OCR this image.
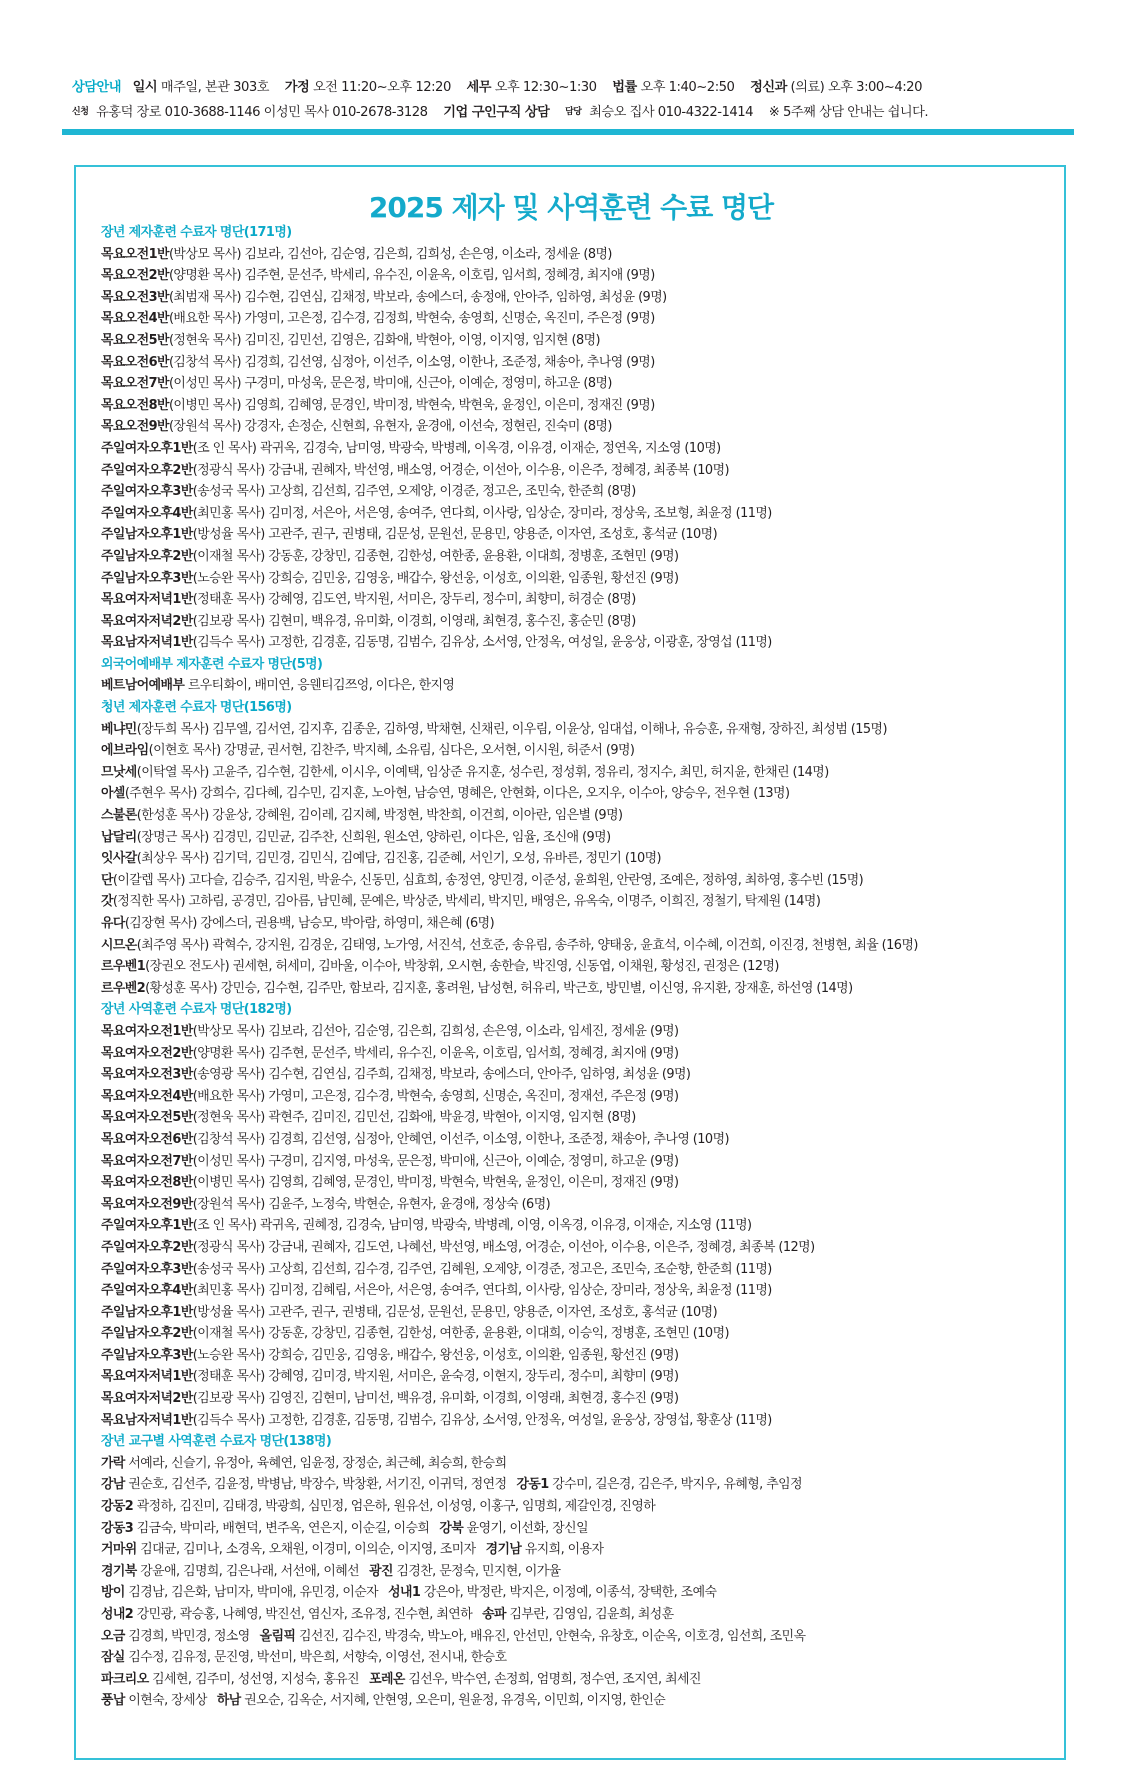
상담안내 일시 매주일, 본관 303호 가정 오전 11:20~오후 12:20 세무 오후 12:30~1:30 법률 오후 1:40~2:50 정신과 (의료) 오후 3:00~4:20
$^{신청}$ 유홍덕 장로 010-3688-1146 이성민 목사 010-2678-3128 기업 구인구직 상담 $^{담당}$ 최승오 집사 010-4322-1414 ※ 5주째 상담 안내는 쉽니다.
2025 제자 및 사역훈련 수료 명단
장년 제자훈련 수료자 명단(171명)
목요오전1반(박상모 목사) 김보라, 김선아, 김순영, 김은희, 김희성, 손은영, 이소라, 정세윤 (8명)
목요오전2반(양명환 목사) 김주현, 문선주, 박세리, 유수진, 이윤옥, 이호림, 임서희, 정혜경, 최지애 (9명)
목요오전3반(최범재 목사) 김수현, 김연심, 김채정, 박보라, 송에스더, 송정애, 안아주, 임하영, 최성윤 (9명)
목요오전4반(배요한 목사) 가영미, 고은정, 김수경, 김정희, 박현숙, 송영희, 신명순, 옥진미, 주은정 (9명)
목요오전5반(정현욱 목사) 김미진, 김민선, 김영은, 김화애, 박현아, 이영, 이지영, 임지현 (8명)
목요오전6반(김창석 목사) 김경희, 김선영, 심정아, 이선주, 이소영, 이한나, 조준정, 채송아, 추나영 (9명)
목요오전7반(이성민 목사) 구경미, 마성욱, 문은정, 박미애, 신근아, 이예순, 정영미, 하고운 (8명)
목요오전8반(이병민 목사) 김영희, 김혜영, 문경인, 박미정, 박현숙, 박현욱, 윤정인, 이은미, 정재진 (9명)
목요오전9반(장원석 목사) 강경자, 손정순, 신현희, 유현자, 윤경애, 이선숙, 정현린, 진숙미 (8명)
주일여자오후1반(조 인 목사) 곽귀옥, 김경숙, 남미영, 박광숙, 박병례, 이옥경, 이유경, 이재순, 정연옥, 지소영 (10명)
주일여자오후2반(정광식 목사) 강금내, 권혜자, 박선영, 배소영, 어경순, 이선아, 이수용, 이은주, 정혜경, 최종복 (10명)
주일여자오후3반(송성국 목사) 고상희, 김선희, 김주연, 오제양, 이경준, 정고은, 조민숙, 한준희 (8명)
주일여자오후4반(최민홍 목사) 김미정, 서은아, 서은영, 송여주, 연다희, 이사랑, 임상순, 장미라, 정상욱, 조보형, 최윤정 (11명)
주일남자오후1반(방성율 목사) 고관주, 권구, 권병태, 김문성, 문원선, 문용민, 양용준, 이자연, 조성호, 홍석균 (10명)
주일남자오후2반(이재철 목사) 강동훈, 강창민, 김종현, 김한성, 여한종, 윤용환, 이대희, 정병훈, 조현민 (9명)
주일남자오후3반(노승완 목사) 강희승, 김민웅, 김영웅, 배갑수, 왕선웅, 이성호, 이의환, 임종원, 황선진 (9명)
목요여자저녁1반(정태훈 목사) 강혜영, 김도연, 박지원, 서미은, 장두리, 정수미, 최향미, 허경순 (8명)
목요여자저녁2반(김보광 목사) 김현미, 백유경, 유미화, 이경희, 이영래, 최현경, 홍수진, 홍순민 (8명)
목요남자저녁1반(김득수 목사) 고정한, 김경훈, 김동명, 김범수, 김유상, 소서영, 안정옥, 여성일, 윤웅상, 이광훈, 장영섭 (11명)
외국어예배부 제자훈련 수료자 명단(5명)
베트남어예배부 르우티화이, 배미연, 응웬티김쯔엉, 이다은, 한지영
청년 제자훈련 수료자 명단(156명)
베냐민(장두희 목사) 김무엘, 김서연, 김지후, 김종운, 김하영, 박채현, 신채린, 이우림, 이윤상, 임대섭, 이해나, 유승훈, 유재형, 장하진, 최성범 (15명)
에브라임(이현호 목사) 강명균, 권서현, 김찬주, 박지혜, 소유림, 심다은, 오서현, 이시원, 허준서 (9명)
므낫세(이탁열 목사) 고윤주, 김수현, 김한세, 이시우, 이예택, 임상준 유지훈, 성수린, 정성휘, 정유리, 정지수, 최민, 허지윤, 한채린 (14명)
아셀(주현우 목사) 강희수, 김다혜, 김수민, 김지훈, 노아현, 남승연, 명혜은, 안현화, 이다은, 오지우, 이수아, 양승우, 전우현 (13명)
스불론(한성훈 목사) 강윤상, 강혜원, 김이레, 김지혜, 박정현, 박찬희, 이건희, 이아란, 임은별 (9명)
납달리(장명근 목사) 김경민, 김민균, 김주찬, 신희원, 원소연, 양하린, 이다은, 임율, 조신애 (9명)
잇사갈(최상우 목사) 김기덕, 김민경, 김민식, 김예담, 김진홍, 김준혜, 서인기, 오성, 유바른, 정민기 (10명)
단(이갈렙 목사) 고다슬, 김승주, 김지원, 박윤수, 신동민, 심효희, 송정연, 양민경, 이준성, 윤희원, 안란영, 조예은, 정하영, 최하영, 홍수빈 (15명)
갓(정직한 목사) 고하림, 공경민, 김아름, 남민혜, 문예은, 박상준, 박세리, 박지민, 배영은, 유옥숙, 이명주, 이희진, 정철기, 탁제원 (14명)
유다(김장현 목사) 강에스더, 권용백, 남승모, 박아람, 하영미, 채은혜 (6명)
시므온(최주영 목사) 곽혁수, 강지원, 김경운, 김태영, 노가영, 서진석, 선호준, 송유림, 송주하, 양태웅, 윤효석, 이수혜, 이건희, 이진경, 천병현, 최율 (16명)
르우벤1(장권오 전도사) 권세현, 허세미, 김바울, 이수아, 박창휘, 오시현, 송한슬, 박진영, 신동엽, 이채원, 황성진, 권정은 (12명)
르우벤2(황성훈 목사) 강민승, 김수현, 김주만, 함보라, 김지훈, 홍려원, 남성현, 허유리, 박근호, 방민별, 이신영, 유지환, 장재훈, 하선영 (14명)
장년 사역훈련 수료자 명단(182명)
목요여자오전1반(박상모 목사) 김보라, 김선아, 김순영, 김은희, 김희성, 손은영, 이소라, 임세진, 정세윤 (9명)
목요여자오전2반(양명환 목사) 김주현, 문선주, 박세리, 유수진, 이윤옥, 이호림, 임서희, 정혜경, 최지애 (9명)
목요여자오전3반(송영광 목사) 김수현, 김연심, 김주희, 김채정, 박보라, 송에스더, 안아주, 임하영, 최성윤 (9명)
목요여자오전4반(배요한 목사) 가영미, 고은정, 김수경, 박현숙, 송영희, 신명순, 옥진미, 정재선, 주은정 (9명)
목요여자오전5반(정현욱 목사) 곽현주, 김미진, 김민선, 김화애, 박윤경, 박현아, 이지영, 임지현 (8명)
목요여자오전6반(김창석 목사) 김경희, 김선영, 심정아, 안혜연, 이선주, 이소영, 이한나, 조준정, 채송아, 추나영 (10명)
목요여자오전7반(이성민 목사) 구경미, 김지영, 마성욱, 문은정, 박미애, 신근아, 이예순, 정영미, 하고운 (9명)
목요여자오전8반(이병민 목사) 김영희, 김혜영, 문경인, 박미정, 박현숙, 박현욱, 윤정인, 이은미, 정재진 (9명)
목요여자오전9반(장원석 목사) 김윤주, 노정숙, 박현순, 유현자, 윤경애, 정상숙 (6명)
주일여자오후1반(조 인 목사) 곽귀옥, 권혜정, 김경숙, 남미영, 박광숙, 박병례, 이영, 이옥경, 이유경, 이재순, 지소영 (11명)
주일여자오후2반(정광식 목사) 강금내, 권혜자, 김도연, 나혜선, 박선영, 배소영, 어경순, 이선아, 이수용, 이은주, 정혜경, 최종복 (12명)
주일여자오후3반(송성국 목사) 고상희, 김선희, 김수경, 김주연, 김혜원, 오제양, 이경준, 정고은, 조민숙, 조순향, 한준희 (11명)
주일여자오후4반(최민홍 목사) 김미정, 김혜림, 서은아, 서은영, 송여주, 연다희, 이사랑, 임상순, 장미라, 정상욱, 최윤정 (11명)
주일남자오후1반(방성율 목사) 고관주, 권구, 권병태, 김문성, 문원선, 문용민, 양용준, 이자연, 조성호, 홍석균 (10명)
주일남자오후2반(이재철 목사) 강동훈, 강창민, 김종현, 김한성, 여한종, 윤용환, 이대희, 이승익, 정병훈, 조현민 (10명)
주일남자오후3반(노승완 목사) 강희승, 김민웅, 김영웅, 배갑수, 왕선웅, 이성호, 이의환, 임종원, 황선진 (9명)
목요여자저녁1반(정태훈 목사) 강혜영, 김미경, 박지원, 서미은, 윤숙경, 이현지, 장두리, 정수미, 최향미 (9명)
목요여자저녁2반(김보광 목사) 김영진, 김현미, 남미선, 백유경, 유미화, 이경희, 이영래, 최현경, 홍수진 (9명)
목요남자저녁1반(김득수 목사) 고정한, 김경훈, 김동명, 김범수, 김유상, 소서영, 안정옥, 여성일, 윤웅상, 장영섭, 황훈상 (11명)
장년 교구별 사역훈련 수료자 명단(138명)
가락 서예라, 신슬기, 유정아, 육혜연, 임윤정, 장정순, 최근혜, 최승희, 한승희
강남 권순호, 김선주, 김윤정, 박병남, 박장수, 박창환, 서기진, 이귀덕, 정연정 강동1 강수미, 길은경, 김은주, 박지우, 유혜형, 추임정
강동2 곽정하, 김진미, 김태경, 박광희, 심민정, 엄은하, 원유선, 이성영, 이홍구, 임명희, 제갈인경, 진영하
강동3 김금숙, 박미라, 배현덕, 변주옥, 연은지, 이순길, 이승희 강북 윤영기, 이선화, 장신일
거마위 김대균, 김미나, 소경옥, 오채원, 이경미, 이의순, 이지영, 조미자 경기남 유지희, 이용자
경기북 강윤애, 김명희, 김은나래, 서선애, 이혜선 광진 김경찬, 문정숙, 민지현, 이가율
방이 김경남, 김은화, 남미자, 박미애, 유민경, 이순자 성내1 강은아, 박정란, 박지은, 이정예, 이종석, 장택한, 조예숙
성내2 강민광, 곽승홍, 나혜영, 박진선, 염신자, 조유정, 진수현, 최연하 송파 김부란, 김영임, 김윤희, 최성훈
오금 김경희, 박민경, 정소영 올림픽 김선진, 김수진, 박경숙, 박노아, 배유진, 안선민, 안현숙, 유창호, 이순옥, 이호경, 임선희, 조민옥
잠실 김수정, 김유정, 문진영, 박선미, 박은희, 서향숙, 이영선, 전시내, 한승호
파크리오 김세현, 김주미, 성선영, 지성숙, 홍유진 포레온 김선우, 박수연, 손정희, 엄명희, 정수연, 조지연, 최세진
풍납 이현숙, 장세상 하남 권오순, 김옥순, 서지혜, 안현영, 오은미, 원윤정, 유경옥, 이민희, 이지영, 한인순
